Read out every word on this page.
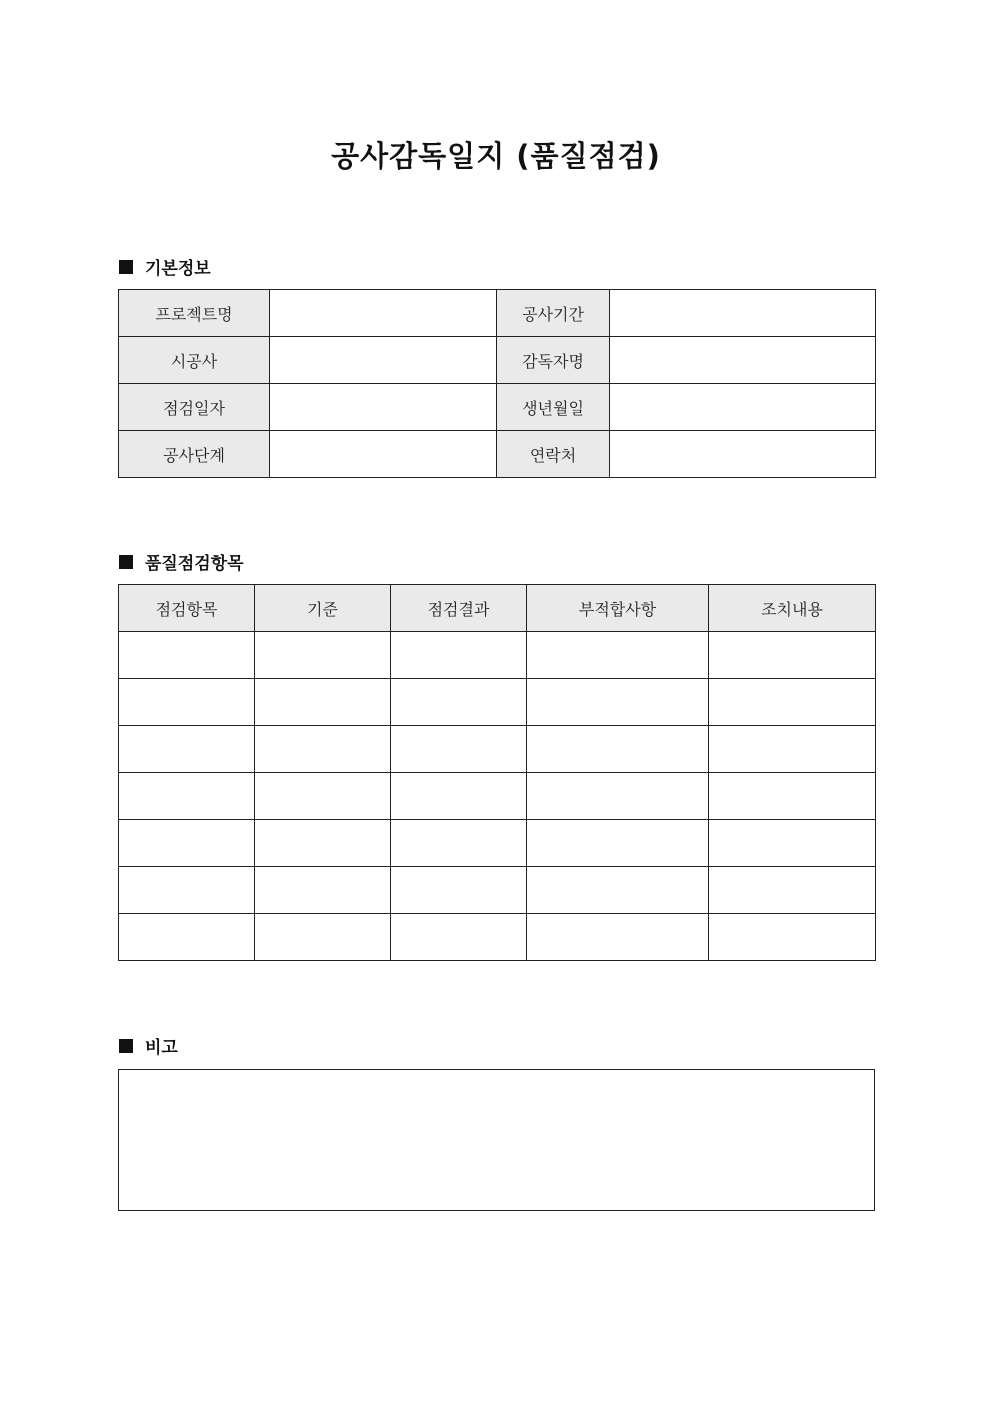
공사감독일지 (품질점검)
기본정보
프로젝트명		공사기간	
시공사		감독자명	
점검일자		생년월일	
공사단계		연락처	
품질점검항목
점검항목	기준	점검결과	부적합사항	조치내용

비고
